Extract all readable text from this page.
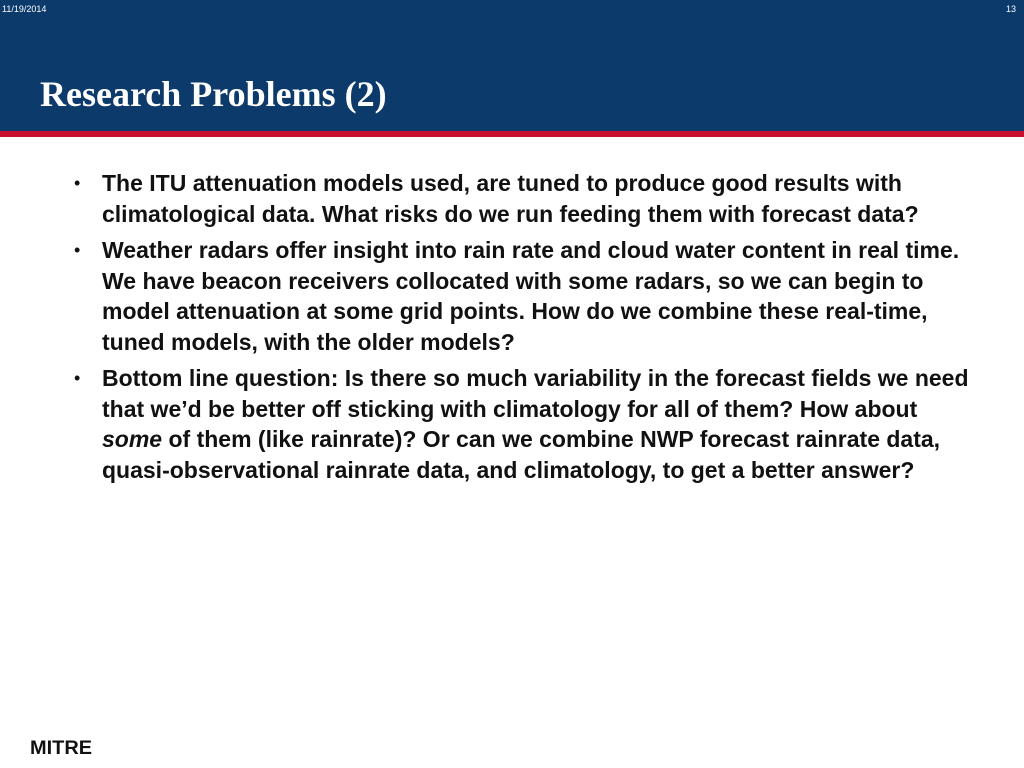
11/19/2014	13
Research Problems (2)
• The ITU attenuation models used, are tuned to produce good results with climatological data. What risks do we run feeding them with forecast data?
• Weather radars offer insight into rain rate and cloud water content in real time. We have beacon receivers collocated with some radars, so we can begin to model attenuation at some grid points. How do we combine these real-time, tuned models, with the older models?
• Bottom line question: Is there so much variability in the forecast fields we need that we’d be better off sticking with climatology for all of them? How about some of them (like rainrate)? Or can we combine NWP forecast rainrate data, quasi-observational rainrate data, and climatology, to get a better answer?
MITRE
